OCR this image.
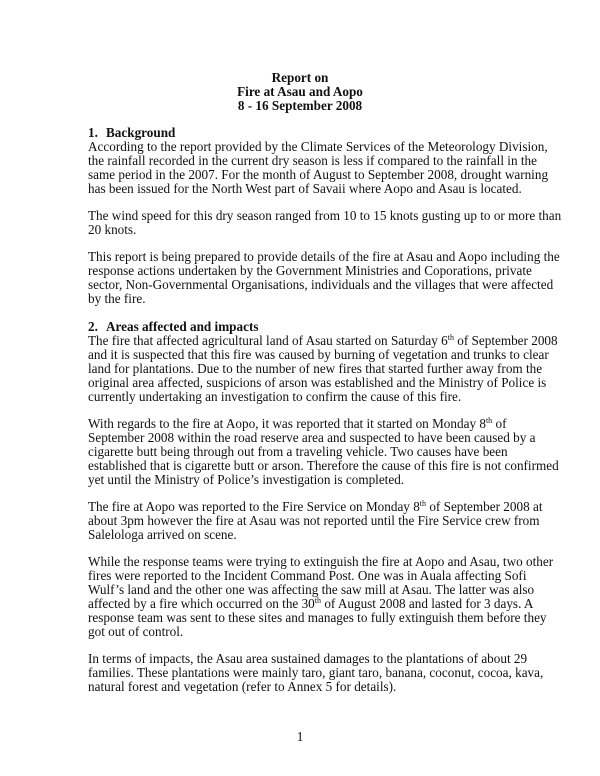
Report on
Fire at Asau and Aopo
8 - 16 September 2008
1. Background
According to the report provided by the Climate Services of the Meteorology Division,
the rainfall recorded in the current dry season is less if compared to the rainfall in the
same period in the 2007. For the month of August to September 2008, drought warning
has been issued for the North West part of Savaii where Aopo and Asau is located.
The wind speed for this dry season ranged from 10 to 15 knots gusting up to or more than
20 knots.
This report is being prepared to provide details of the fire at Asau and Aopo including the
response actions undertaken by the Government Ministries and Coporations, private
sector, Non-Governmental Organisations, individuals and the villages that were affected
by the fire.
2. Areas affected and impacts
The fire that affected agricultural land of Asau started on Saturday 6th of September 2008
and it is suspected that this fire was caused by burning of vegetation and trunks to clear
land for plantations. Due to the number of new fires that started further away from the
original area affected, suspicions of arson was established and the Ministry of Police is
currently undertaking an investigation to confirm the cause of this fire.
With regards to the fire at Aopo, it was reported that it started on Monday 8th of
September 2008 within the road reserve area and suspected to have been caused by a
cigarette butt being through out from a traveling vehicle. Two causes have been
established that is cigarette butt or arson. Therefore the cause of this fire is not confirmed
yet until the Ministry of Police’s investigation is completed.
The fire at Aopo was reported to the Fire Service on Monday 8th of September 2008 at
about 3pm however the fire at Asau was not reported until the Fire Service crew from
Salelologa arrived on scene.
While the response teams were trying to extinguish the fire at Aopo and Asau, two other
fires were reported to the Incident Command Post. One was in Auala affecting Sofi
Wulf’s land and the other one was affecting the saw mill at Asau. The latter was also
affected by a fire which occurred on the 30th of August 2008 and lasted for 3 days. A
response team was sent to these sites and manages to fully extinguish them before they
got out of control.
In terms of impacts, the Asau area sustained damages to the plantations of about 29
families. These plantations were mainly taro, giant taro, banana, coconut, cocoa, kava,
natural forest and vegetation (refer to Annex 5 for details).
1
